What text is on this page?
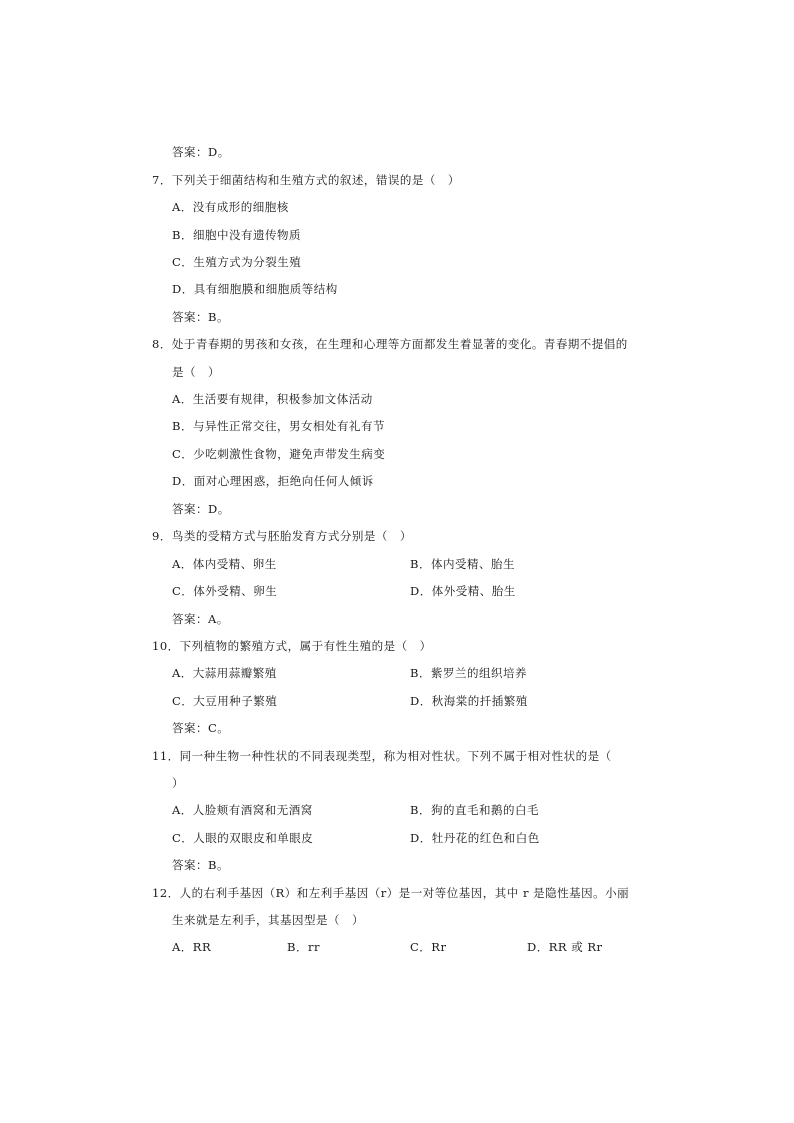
答案：D。
7．下列关于细菌结构和生殖方式的叙述，错误的是（　）
A．没有成形的细胞核
B．细胞中没有遗传物质
C．生殖方式为分裂生殖
D．具有细胞膜和细胞质等结构
答案：B。
8．处于青春期的男孩和女孩，在生理和心理等方面都发生着显著的变化。青春期不提倡的
是（　）
A．生活要有规律，积极参加文体活动
B．与异性正常交往，男女相处有礼有节
C．少吃刺激性食物，避免声带发生病变
D．面对心理困惑，拒绝向任何人倾诉
答案：D。
9．鸟类的受精方式与胚胎发育方式分别是（　）
A．体内受精、卵生	B．体内受精、胎生
C．体外受精、卵生	D．体外受精、胎生
答案：A。
10．下列植物的繁殖方式，属于有性生殖的是（　）
A．大蒜用蒜瓣繁殖	B．紫罗兰的组织培养
C．大豆用种子繁殖	D．秋海棠的扦插繁殖
答案：C。
11．同一种生物一种性状的不同表现类型，称为相对性状。下列不属于相对性状的是（
）
A．人脸颊有酒窝和无酒窝	B．狗的直毛和鹅的白毛
C．人眼的双眼皮和单眼皮	D．牡丹花的红色和白色
答案：B。
12．人的右利手基因（R）和左利手基因（r）是一对等位基因，其中 r 是隐性基因。小丽
生来就是左利手，其基因型是（　）
A．RR	B．rr	C．Rr	D．RR 或 Rr
